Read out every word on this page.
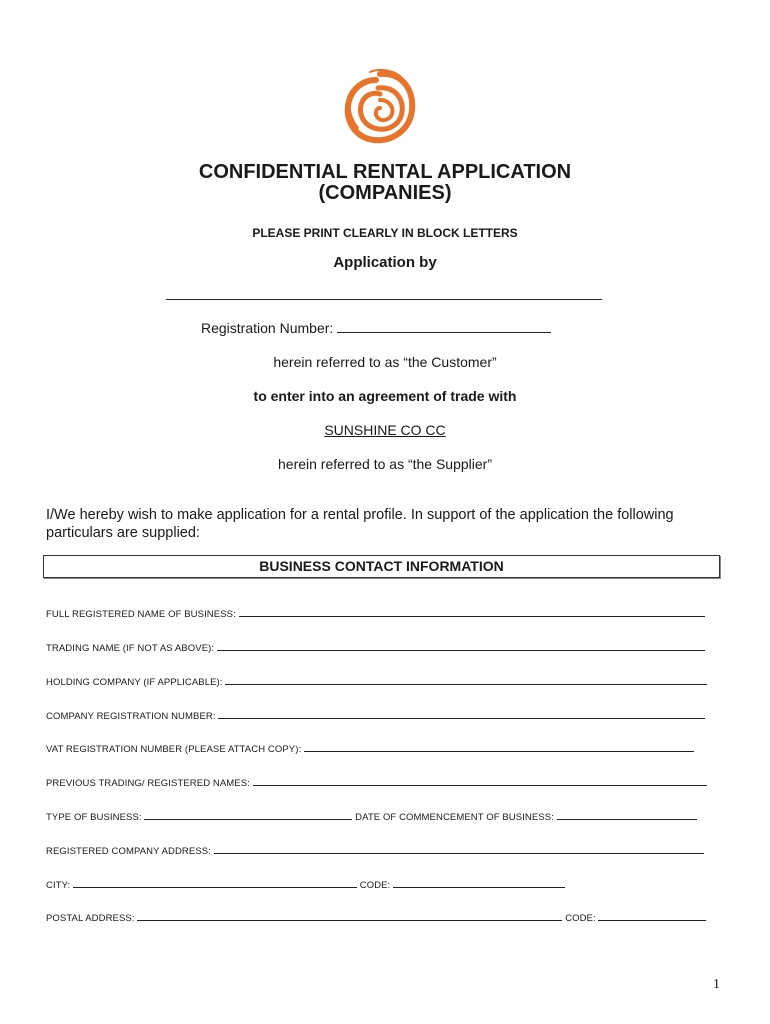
CONFIDENTIAL RENTAL APPLICATION
(COMPANIES)
PLEASE PRINT CLEARLY IN BLOCK LETTERS
Application by
Registration Number:
herein referred to as “the Customer”
to enter into an agreement of trade with
SUNSHINE CO CC
herein referred to as “the Supplier”
I/We hereby wish to make application for a rental profile. In support of the application the following particulars are supplied:
BUSINESS CONTACT INFORMATION
FULL REGISTERED NAME OF BUSINESS:
TRADING NAME (IF NOT AS ABOVE):
HOLDING COMPANY (IF APPLICABLE):
COMPANY REGISTRATION NUMBER:
VAT REGISTRATION NUMBER (PLEASE ATTACH COPY):
PREVIOUS TRADING/ REGISTERED NAMES:
TYPE OF BUSINESS:	DATE OF COMMENCEMENT OF BUSINESS:
REGISTERED COMPANY ADDRESS:
CITY:	CODE:
POSTAL ADDRESS:	CODE:
1
